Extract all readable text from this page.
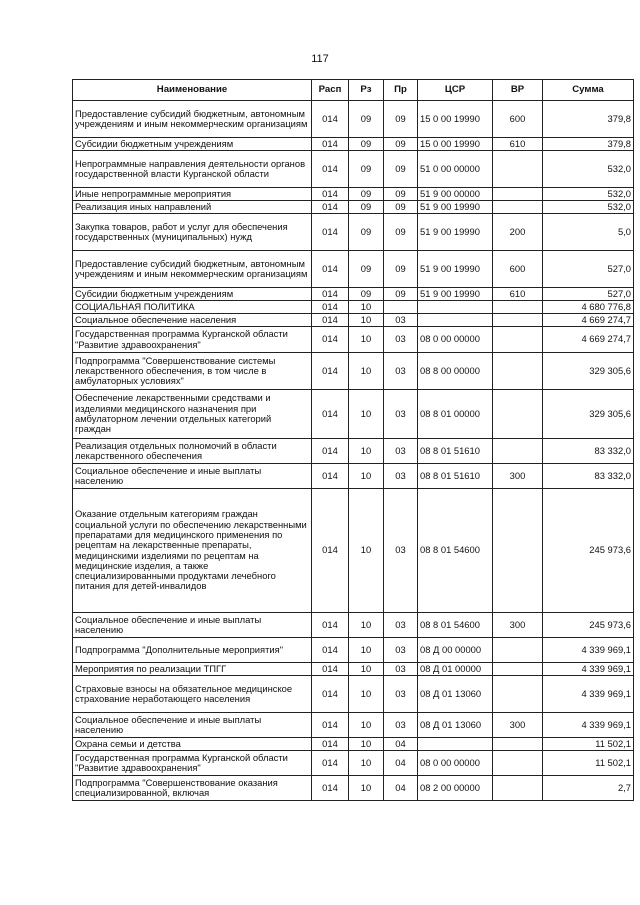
117
Наименование	Расп	Рз	Пр	ЦСР	ВР	Сумма
Предоставление субсидий бюджетным, автономным учреждениям и иным некоммерческим организациям	014	09	09	15 0 00 19990	600	379,8
Субсидии бюджетным учреждениям	014	09	09	15 0 00 19990	610	379,8
Непрограммные направления деятельности органов государственной власти Курганской области	014	09	09	51 0 00 00000		532,0
Иные непрограммные мероприятия	014	09	09	51 9 00 00000		532,0
Реализация иных направлений	014	09	09	51 9 00 19990		532,0
Закупка товаров, работ и услуг для обеспечения государственных (муниципальных) нужд	014	09	09	51 9 00 19990	200	5,0
Предоставление субсидий бюджетным, автономным учреждениям и иным некоммерческим организациям	014	09	09	51 9 00 19990	600	527,0
Субсидии бюджетным учреждениям	014	09	09	51 9 00 19990	610	527,0
СОЦИАЛЬНАЯ ПОЛИТИКА	014	10				4 680 776,8
Социальное обеспечение населения	014	10	03			4 669 274,7
Государственная программа Курганской области "Развитие здравоохранения"	014	10	03	08 0 00 00000		4 669 274,7
Подпрограмма "Совершенствование системы лекарственного обеспечения, в том числе в амбулаторных условиях"	014	10	03	08 8 00 00000		329 305,6
Обеспечение лекарственными средствами и изделиями медицинского назначения при амбулаторном лечении отдельных категорий граждан	014	10	03	08 8 01 00000		329 305,6
Реализация отдельных полномочий в области лекарственного обеспечения	014	10	03	08 8 01 51610		83 332,0
Социальное обеспечение и иные выплаты населению	014	10	03	08 8 01 51610	300	83 332,0
Оказание отдельным категориям граждан социальной услуги по обеспечению лекарственными препаратами для медицинского применения по рецептам на лекарственные препараты, медицинскими изделиями по рецептам на медицинские изделия, а также специализированными продуктами лечебного питания для детей-инвалидов	014	10	03	08 8 01 54600		245 973,6
Социальное обеспечение и иные выплаты населению	014	10	03	08 8 01 54600	300	245 973,6
Подпрограмма "Дополнительные мероприятия"	014	10	03	08 Д 00 00000		4 339 969,1
Мероприятия по реализации ТПГГ	014	10	03	08 Д 01 00000		4 339 969,1
Страховые взносы на обязательное медицинское страхование неработающего населения	014	10	03	08 Д 01 13060		4 339 969,1
Социальное обеспечение и иные выплаты населению	014	10	03	08 Д 01 13060	300	4 339 969,1
Охрана семьи и детства	014	10	04			11 502,1
Государственная программа Курганской области "Развитие здравоохранения"	014	10	04	08 0 00 00000		11 502,1
Подпрограмма "Совершенствование оказания специализированной, включая	014	10	04	08 2 00 00000		2,7
